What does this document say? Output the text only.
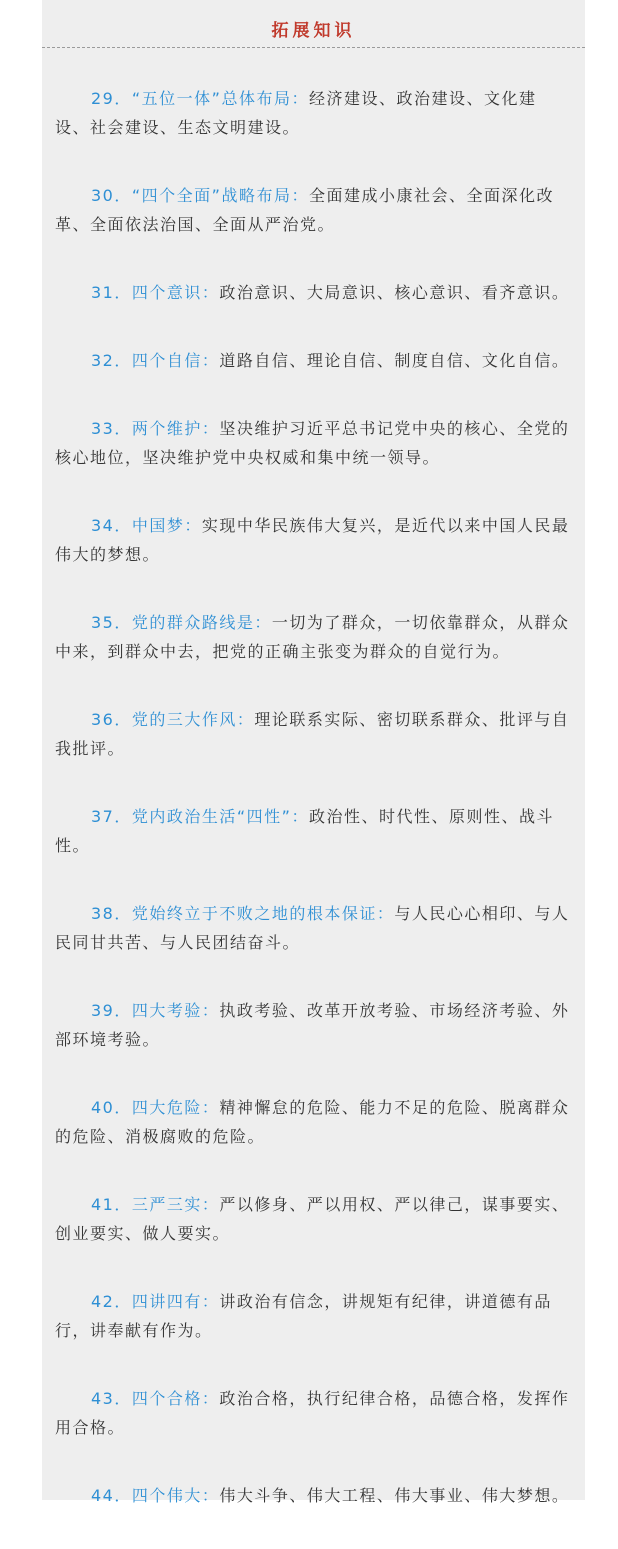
拓展知识

29．“五位一体”总体布局：经济建设、政治建设、文化建设、社会建设、生态文明建设。

30．“四个全面”战略布局：全面建成小康社会、全面深化改革、全面依法治国、全面从严治党。

31．四个意识：政治意识、大局意识、核心意识、看齐意识。

32．四个自信：道路自信、理论自信、制度自信、文化自信。

33．两个维护：坚决维护习近平总书记党中央的核心、全党的核心地位，坚决维护党中央权威和集中统一领导。

34．中国梦：实现中华民族伟大复兴，是近代以来中国人民最伟大的梦想。

35．党的群众路线是：一切为了群众，一切依靠群众，从群众中来，到群众中去，把党的正确主张变为群众的自觉行为。

36．党的三大作风：理论联系实际、密切联系群众、批评与自我批评。

37．党内政治生活“四性”：政治性、时代性、原则性、战斗性。

38．党始终立于不败之地的根本保证：与人民心心相印、与人民同甘共苦、与人民团结奋斗。

39．四大考验：执政考验、改革开放考验、市场经济考验、外部环境考验。

40．四大危险：精神懈怠的危险、能力不足的危险、脱离群众的危险、消极腐败的危险。

41．三严三实：严以修身、严以用权、严以律己，谋事要实、创业要实、做人要实。

42．四讲四有：讲政治有信念，讲规矩有纪律，讲道德有品行，讲奉献有作为。

43．四个合格：政治合格，执行纪律合格，品德合格，发挥作用合格。

44．四个伟大：伟大斗争、伟大工程、伟大事业、伟大梦想。
